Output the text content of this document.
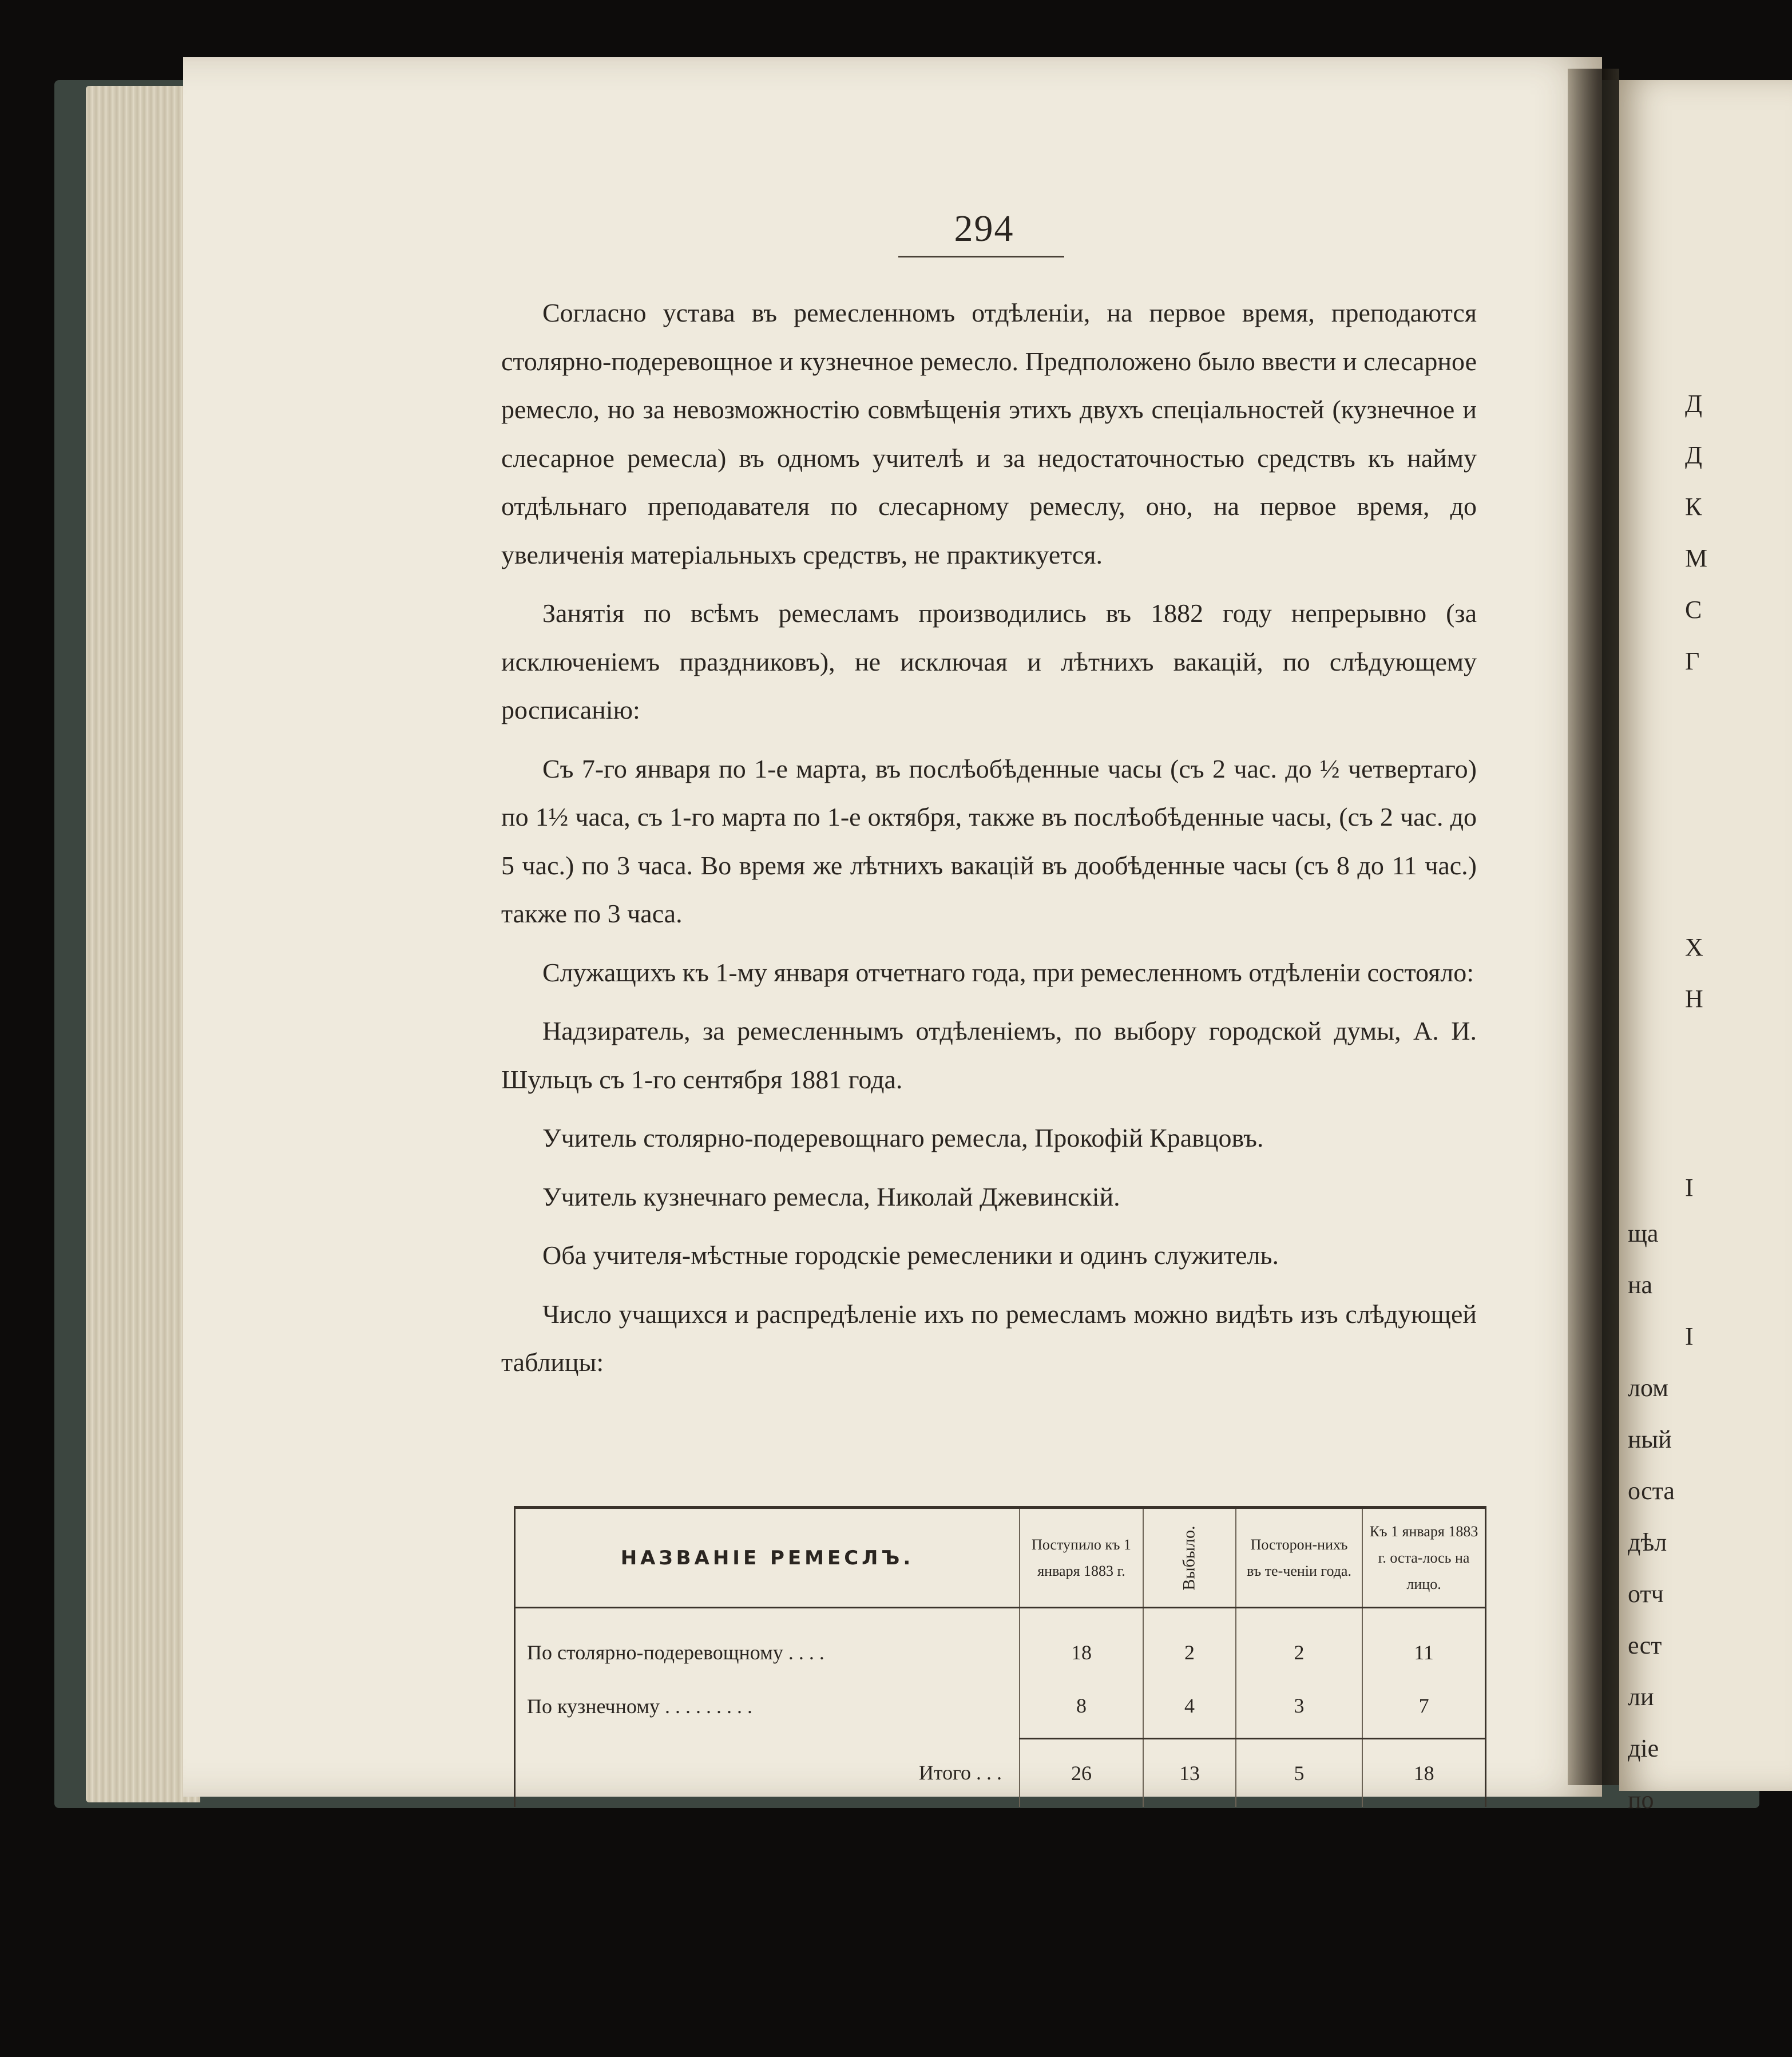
Д
Д
К
М
С
Г
Х
Н
I
ща
на
I
лом
ный
оста
дѣл
отч
ест
ли
діе
по
294

Согласно устава въ ремесленномъ отдѣленіи, на первое время, преподаются столярно-подеревощное и кузнечное ремесло. Предположено было ввести и слесарное ремесло, но за невозможностію совмѣщенія этихъ двухъ спеціальностей (кузнечное и слесарное ремесла) въ одномъ учителѣ и за недостаточностью средствъ къ найму отдѣльнаго преподавателя по слесарному ремеслу, оно, на первое время, до увеличенія матеріальныхъ средствъ, не практикуется.

Занятія по всѣмъ ремесламъ производились въ 1882 году непрерывно (за исключеніемъ праздниковъ), не исключая и лѣтнихъ вакацій, по слѣдующему росписанію:

Съ 7-го января по 1-е марта, въ послѣобѣденные часы (съ 2 час. до ½ четвертаго) по 1½ часа, съ 1-го марта по 1-е октября, также въ послѣобѣденные часы, (съ 2 час. до 5 час.) по 3 часа. Во время же лѣтнихъ вакацій въ дообѣденные часы (съ 8 до 11 час.) также по 3 часа.

Служащихъ къ 1-му января отчетнаго года, при ремесленномъ отдѣленіи состояло:

Надзиратель, за ремесленнымъ отдѣленіемъ, по выбору городской думы, А. И. Шульцъ съ 1-го сентября 1881 года.

Учитель столярно-подеревощнаго ремесла, Прокофій Кравцовъ.

Учитель кузнечнаго ремесла, Николай Джевинскій.

Оба учителя-мѣстные городскіе ремесленики и одинъ служитель.

Число учащихся и распредѣленіе ихъ по ремесламъ можно видѣть изъ слѣдующей таблицы:

НАЗВАНІЕ РЕМЕСЛЪ.	Поступило къ 1 января 1883 г.	Выбыло.	Посторон-нихъ въ те-ченіи года.	Къ 1 января 1883 г. оста-лось на лицо.
По столярно-подеревощному . . . .	18	2	2	11
По кузнечному . . . . . . . . .	8	4	3	7
Итого . . .	26	13	5	18
